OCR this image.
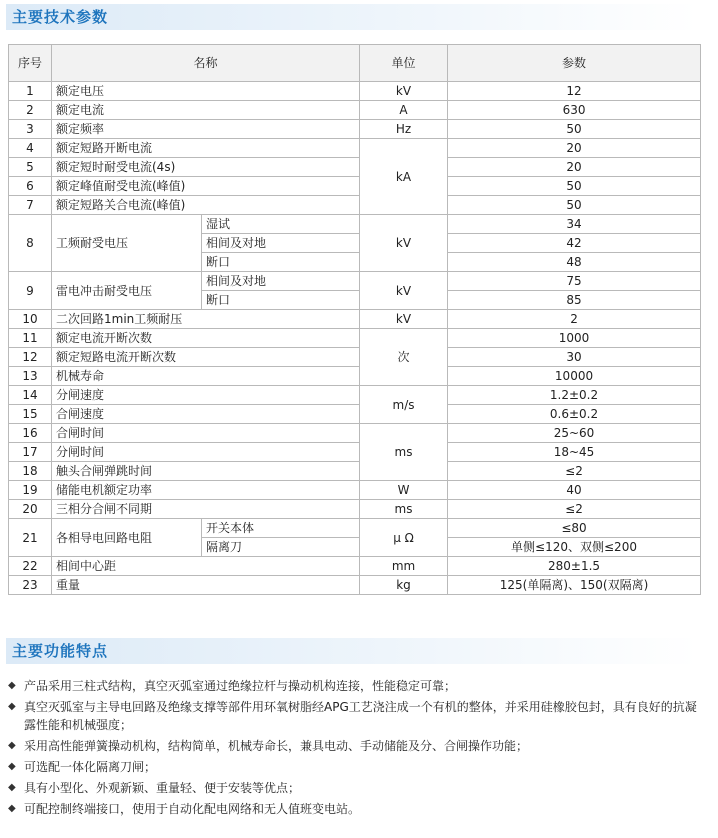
主要技术参数
序号	名称		单位	参数
1	额定电压		kV	12
2	额定电流		A	630
3	额定频率		Hz	50
4	额定短路开断电流		kA	20
5	额定短时耐受电流(4s)			20
6	额定峰值耐受电流(峰值)			50
7	额定短路关合电流(峰值)			50
8	工频耐受电压	湿试	kV	34
		相间及对地		42
		断口		48
9	雷电冲击耐受电压	相间及对地	kV	75
		断口		85
10	二次回路1min工频耐压		kV	2
11	额定电流开断次数		次	1000
12	额定短路电流开断次数			30
13	机械寿命			10000
14	分闸速度		m/s	1.2±0.2
15	合闸速度			0.6±0.2
16	合闸时间		ms	25~60
17	分闸时间			18~45
18	触头合闸弹跳时间			≤2
19	储能电机额定功率		W	40
20	三相分合闸不同期		ms	≤2
21	各相导电回路电阻	开关本体	μ Ω	≤80
		隔离刀		单侧≤120、双侧≤200
22	相间中心距		mm	280±1.5
23	重量		kg	125(单隔离)、150(双隔离)
主要功能特点
◆ 产品采用三柱式结构，真空灭弧室通过绝缘拉杆与操动机构连接，性能稳定可靠；
◆ 真空灭弧室与主导电回路及绝缘支撑等部件用环氧树脂经APG工艺浇注成一个有机的整体，并采用硅橡胶包封，具有良好的抗凝露性能和机械强度；
◆ 采用高性能弹簧操动机构，结构简单，机械寿命长，兼具电动、手动储能及分、合闸操作功能；
◆ 可选配一体化隔离刀闸；
◆ 具有小型化、外观新颖、重量轻、便于安装等优点；
◆ 可配控制终端接口，使用于自动化配电网络和无人值班变电站。
